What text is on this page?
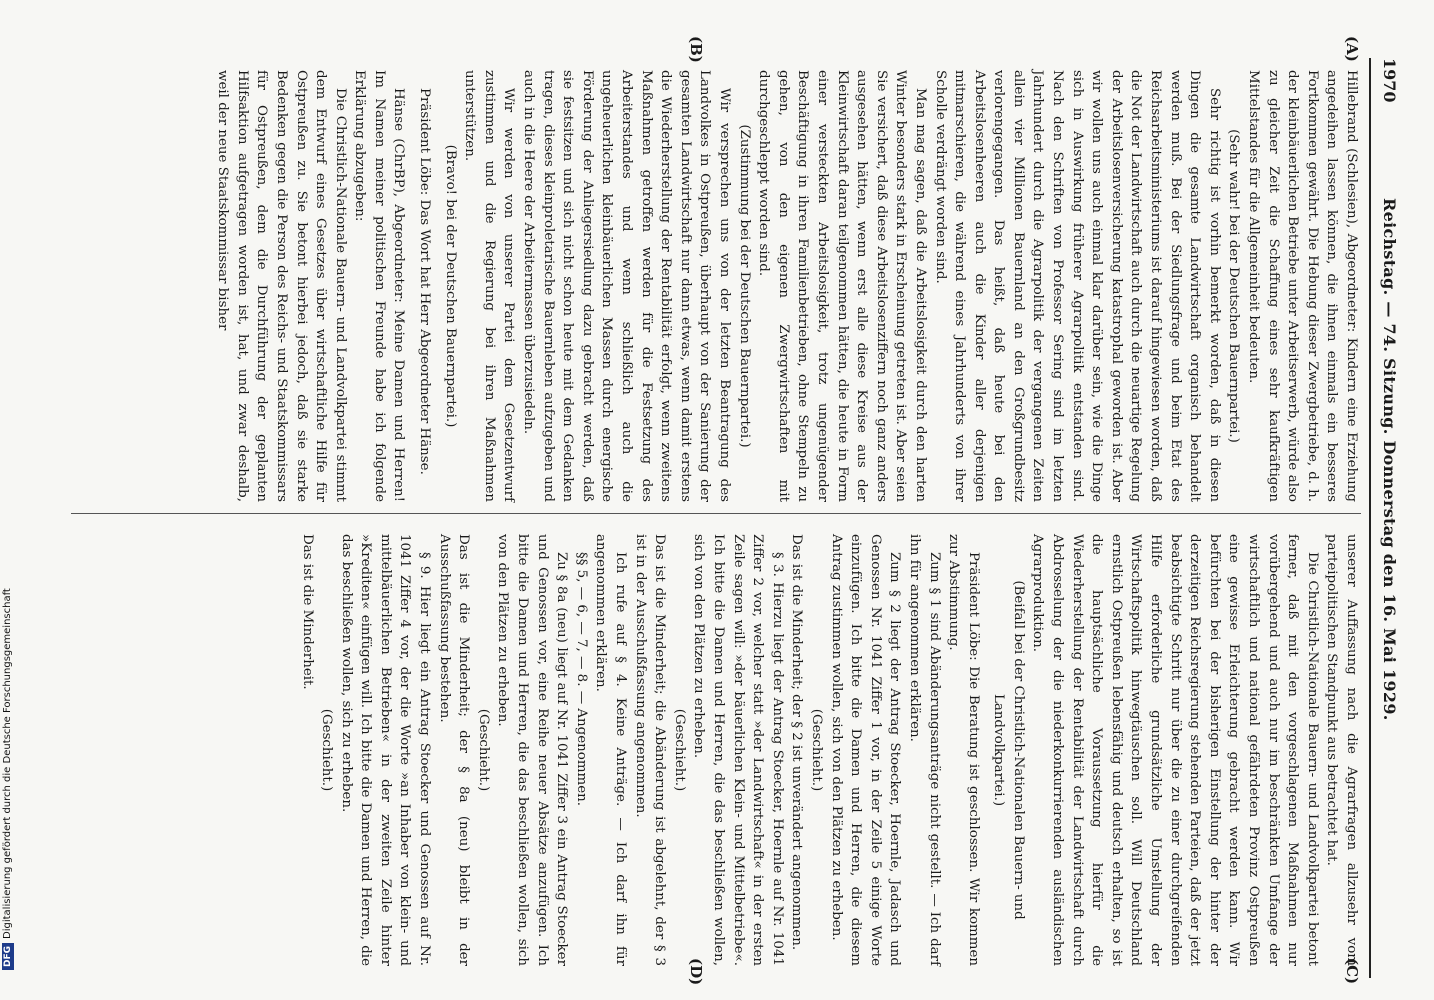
1970
Reichstag. — 74. Sitzung. Donnerstag den 16. Mai 1929.
(A)
(B)
(C)
(D)

Hillebrand (Schlesien), Abgeordneter: Kindern eine Erziehung angedeihen lassen können, die ihnen einmals ein besseres Fortkommen gewährt. Die Hebung dieser Zwergbetriebe, d. h. der kleinbäuerlichen Betriebe unter Arbeitserwerb, würde also zu gleicher Zeit die Schaffung eines sehr kaufkräftigen Mittelstandes für die Allgemeinheit bedeuten.

(Sehr wahr! bei der Deutschen Bauernpartei.)

Sehr richtig ist vorhin bemerkt worden, daß in diesen Dingen die gesamte Landwirtschaft organisch behandelt werden muß. Bei der Siedlungsfrage und beim Etat des Reichsarbeitsministeriums ist darauf hingewiesen worden, daß die Not der Landwirtschaft auch durch die neuartige Regelung der Arbeitslosenversicherung katastrophal geworden ist. Aber wir wollen uns auch einmal klar darüber sein, wie die Dinge sich in Auswirkung früherer Agrarpolitik entstanden sind. Nach den Schriften von Professor Sering sind im letzten Jahrhundert durch die Agrarpolitik der vergangenen Zeiten allein vier Millionen Bauernland an den Großgrundbesitz verlorengegangen. Das heißt, daß heute bei den Arbeitslosenheeren auch die Kinder aller derjenigen mitmarschieren, die während eines Jahrhunderts von ihrer Scholle verdrängt worden sind.

Man mag sagen, daß die Arbeitslosigkeit durch den harten Winter besonders stark in Erscheinung getreten ist. Aber seien Sie versichert, daß diese Arbeitslosenziffern noch ganz anders ausgesehen hätten, wenn erst alle diese Kreise aus der Kleinwirtschaft daran teilgenommen hätten, die heute in Form einer versteckten Arbeitslosigkeit, trotz ungenügender Beschäftigung in ihren Familienbetrieben, ohne Stempeln zu gehen, von den eigenen Zwergwirtschaften mit durchgeschleppt worden sind.

(Zustimmung bei der Deutschen Bauernpartei.)

Wir versprechen uns von der letzten Beantragung des Landvolkes in Ostpreußen, überhaupt von der Sanierung der gesamten Landwirtschaft nur dann etwas, wenn damit erstens die Wiederherstellung der Rentabilität erfolgt, wenn zweitens Maßnahmen getroffen werden für die Festsetzung des Arbeiterstandes und wenn schließlich auch die ungeheuerlichen kleinbäuerlichen Massen durch energische Förderung der Anliegersiedlung dazu gebracht werden, daß sie festsitzen und sich nicht schon heute mit dem Gedanken tragen, dieses kleinproletarische Bauernleben aufzugeben und auch in die Heere der Arbeitermassen überzusiedeln.

Wir werden von unserer Partei dem Gesetzentwurf zustimmen und die Regierung bei ihren Maßnahmen unterstützen.

(Bravo! bei der Deutschen Bauernpartei.)

Präsident Löbe: Das Wort hat Herr Abgeordneter Hänse.

Hänse (ChrBP), Abgeordneter: Meine Damen und Herren! Im Namen meiner politischen Freunde habe ich folgende Erklärung abzugeben:

Die Christlich-Nationale Bauern- und Landvolkpartei stimmt dem Entwurf eines Gesetzes über wirtschaftliche Hilfe für Ostpreußen zu. Sie betont hierbei jedoch, daß sie starke Bedenken gegen die Person des Reichs- und Staatskommissars für Ostpreußen, dem die Durchführung der geplanten Hilfsaktion aufgetragen worden ist, hat, und zwar deshalb, weil der neue Staatskommissar bisher

unserer Auffassung nach die Agrarfragen allzusehr vom parteipolitischen Standpunkt aus betrachtet hat.

Die Christlich-Nationale Bauern- und Landvolkpartei betont ferner, daß mit den vorgeschlagenen Maßnahmen nur vorübergehend und auch nur im beschränkten Umfange der wirtschaftlich und national gefährdeten Provinz Ostpreußen eine gewisse Erleichterung gebracht werden kann. Wir befürchten bei der bisherigen Einstellung der hinter der derzeitigen Reichsregierung stehenden Parteien, daß der jetzt beabsichtigte Schritt nur über die zu einer durchgreifenden Hilfe erforderliche grundsätzliche Umstellung der Wirtschaftspolitik hinwegtäuschen soll. Will Deutschland ernstlich Ostpreußen lebensfähig und deutsch erhalten, so ist die hauptsächliche Voraussetzung hierfür die Wiederherstellung der Rentabilität der Landwirtschaft durch Abdrosselung der die niederkonkurrierenden ausländischen Agrarproduktion.

(Beifall bei der Christlich-Nationalen Bauern- und Landvolkpartei.)

Präsident Löbe: Die Beratung ist geschlossen. Wir kommen zur Abstimmung.

Zum § 1 sind Abänderungsanträge nicht gestellt. — Ich darf ihn für angenommen erklären.

Zum § 2 liegt der Antrag Stoecker, Hoernle, Jadasch und Genossen Nr. 1041 Ziffer 1 vor, in der Zeile 5 einige Worte einzufügen. Ich bitte die Damen und Herren, die diesem Antrag zustimmen wollen, sich von den Plätzen zu erheben.

(Geschieht.)

Das ist die Minderheit; der § 2 ist unverändert angenommen.

§ 3. Hierzu liegt der Antrag Stoecker, Hoernle auf Nr. 1041 Ziffer 2 vor, welcher statt »der Landwirtschaft« in der ersten Zeile sagen will: »der bäuerlichen Klein- und Mittelbetriebe«. Ich bitte die Damen und Herren, die das beschließen wollen, sich von den Plätzen zu erheben.

(Geschieht.)

Das ist die Minderheit; die Abänderung ist abgelehnt, der § 3 ist in der Ausschußfassung angenommen.

Ich rufe auf § 4. Keine Anträge. — Ich darf ihn für angenommen erklären.

§§ 5, — 6, — 7, — 8. — Angenommen.

Zu § 8a (neu) liegt auf Nr. 1041 Ziffer 3 ein Antrag Stoecker und Genossen vor, eine Reihe neuer Absätze anzufügen. Ich bitte die Damen und Herren, die das beschließen wollen, sich von den Plätzen zu erheben.

(Geschieht.)

Das ist die Minderheit; der § 8a (neu) bleibt in der Ausschußfassung bestehen.

§ 9. Hier liegt ein Antrag Stoecker und Genossen auf Nr. 1041 Ziffer 4 vor, der die Worte »an Inhaber von klein- und mittelbäuerlichen Betrieben« in der zweiten Zeile hinter »Krediten« einfügen will. Ich bitte die Damen und Herren, die das beschließen wollen, sich zu erheben.

(Geschieht.)

Das ist die Minderheit.

DFGDigitalisierung gefördert durch die Deutsche Forschungsgemeinschaft
